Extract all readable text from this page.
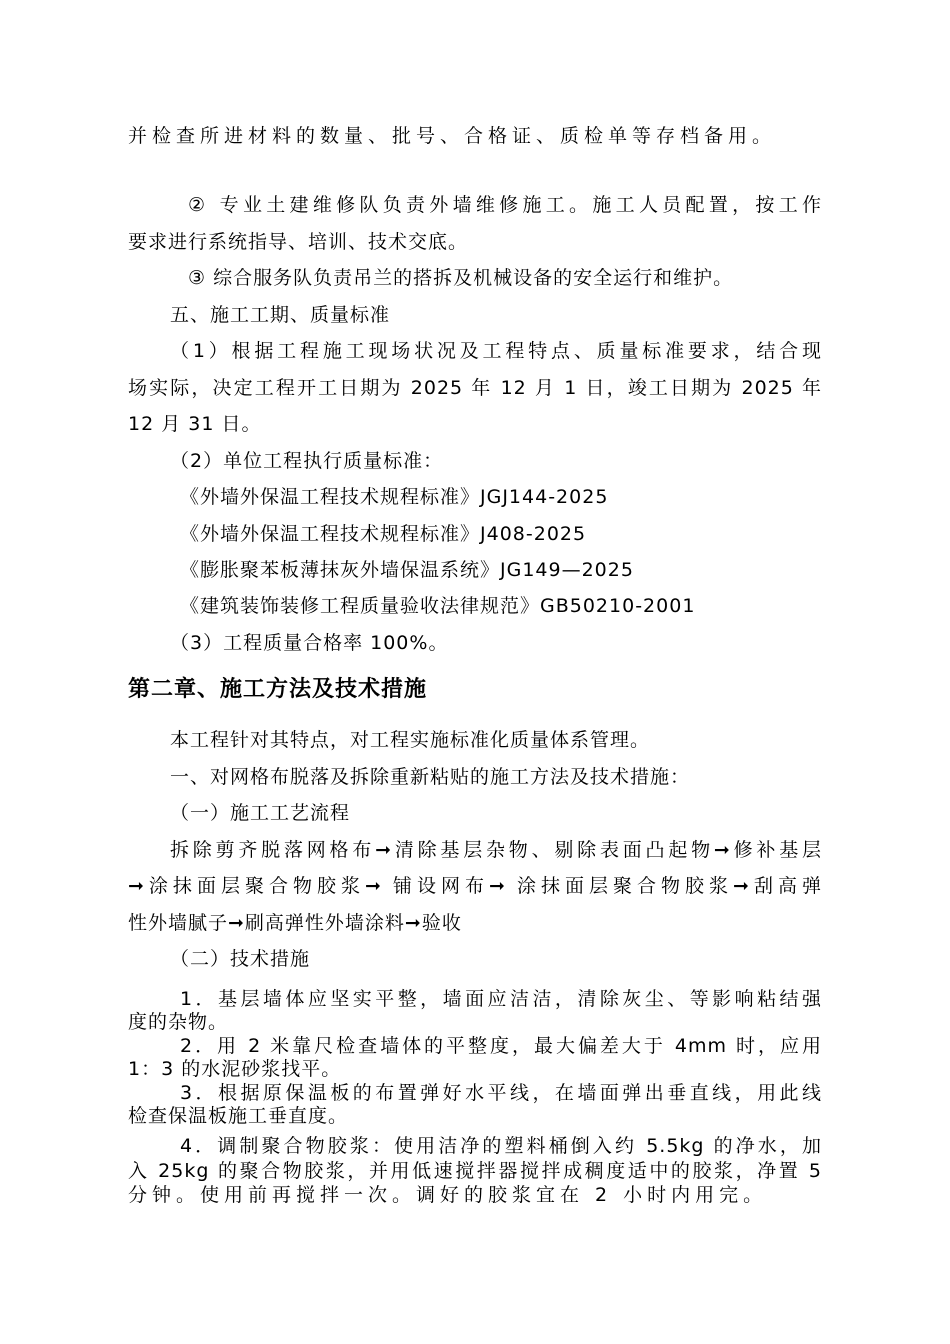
并检查所进材料的数量、批号、合格证、质检单等存档备用。
② 专业土建维修队负责外墙维修施工。施工人员配置，按工作
要求进行系统指导、培训、技术交底。
③ 综合服务队负责吊兰的搭拆及机械设备的安全运行和维护。
五、施工工期、质量标准
（1）根据工程施工现场状况及工程特点、质量标准要求，结合现
场实际，决定工程开工日期为 2025 年 12 月 1 日，竣工日期为 2025 年
12 月 31 日。
（2）单位工程执行质量标准：
《外墙外保温工程技术规程标准》JGJ144-2025
《外墙外保温工程技术规程标准》J408-2025
《膨胀聚苯板薄抹灰外墙保温系统》JG149—2025
《建筑装饰装修工程质量验收法律规范》GB50210-2001
（3）工程质量合格率 100%。
第二章、施工方法及技术措施
本工程针对其特点，对工程实施标准化质量体系管理。
一、对网格布脱落及拆除重新粘贴的施工方法及技术措施：
（一）施工工艺流程
拆除剪齐脱落网格布➞清除基层杂物、剔除表面凸起物➞修补基层
➞涂抹面层聚合物胶浆➞ 铺设网布➞ 涂抹面层聚合物胶浆➞刮高弹
性外墙腻子➞刷高弹性外墙涂料➞验收
（二）技术措施
1．基层墙体应坚实平整，墙面应洁洁，清除灰尘、等影响粘结强
度的杂物。
2．用 2 米靠尺检查墙体的平整度，最大偏差大于 4mm 时，应用
1：3 的水泥砂浆找平。
3．根据原保温板的布置弹好水平线，在墙面弹出垂直线，用此线
检查保温板施工垂直度。
4．调制聚合物胶浆：使用洁净的塑料桶倒入约 5.5kg 的净水，加
入 25kg 的聚合物胶浆，并用低速搅拌器搅拌成稠度适中的胶浆，净置 5
分钟。使用前再搅拌一次。调好的胶浆宜在 2 小时内用完。
